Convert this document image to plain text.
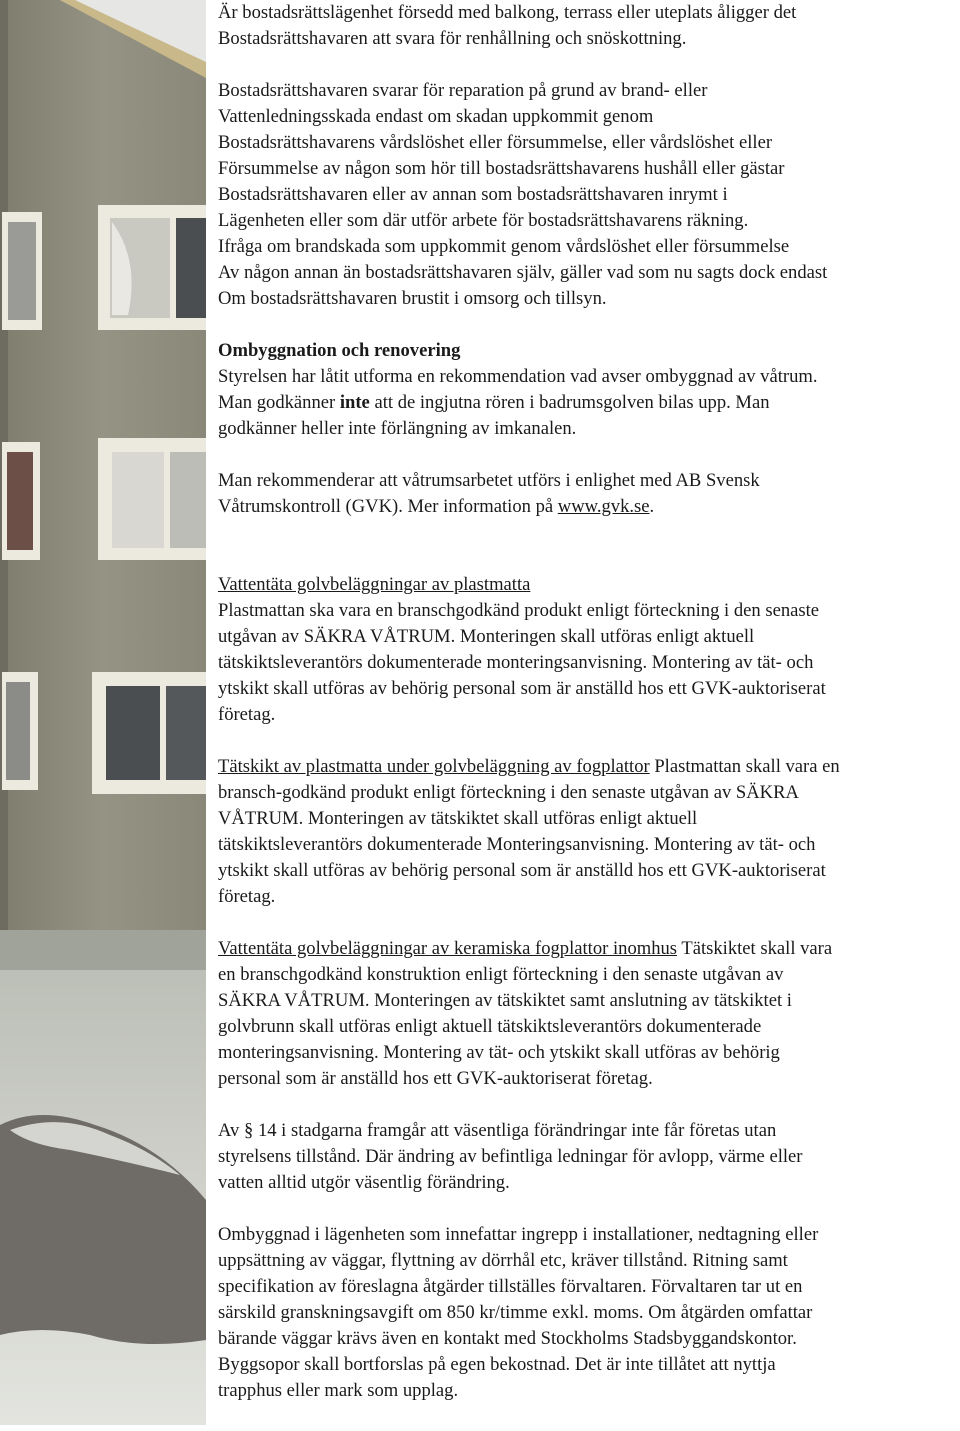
Är bostadsrättslägenhet försedd med balkong, terrass eller uteplats åligger det
Bostadsrättshavaren att svara för renhållning och snöskottning.

Bostadsrättshavaren svarar för reparation på grund av brand- eller
Vattenledningsskada endast om skadan uppkommit genom
Bostadsrättshavarens vårdslöshet eller försummelse, eller vårdslöshet eller
Försummelse av någon som hör till bostadsrättshavarens hushåll eller gästar
Bostadsrättshavaren eller av annan som bostadsrättshavaren inrymt i
Lägenheten eller som där utför arbete för bostadsrättshavarens räkning.
Ifråga om brandskada som uppkommit genom vårdslöshet eller försummelse
Av någon annan än bostadsrättshavaren själv, gäller vad som nu sagts dock endast
Om bostadsrättshavaren brustit i omsorg och tillsyn.

Ombyggnation och renovering

Styrelsen har låtit utforma en rekommendation vad avser ombyggnad av våtrum.
Man godkänner inte att de ingjutna rören i badrumsgolven bilas upp. Man
godkänner heller inte förlängning av imkanalen.

Man rekommenderar att våtrumsarbetet utförs i enlighet med AB Svensk
Våtrumskontroll (GVK). Mer information på www.gvk.se.

Vattentäta golvbeläggningar av plastmatta
Plastmattan ska vara en branschgodkänd produkt enligt förteckning i den senaste
utgåvan av SÄKRA VÅTRUM. Monteringen skall utföras enligt aktuell
tätskiktsleverantörs dokumenterade monteringsanvisning. Montering av tät- och
ytskikt skall utföras av behörig personal som är anställd hos ett GVK-auktoriserat
företag.

Tätskikt av plastmatta under golvbeläggning av fogplattor Plastmattan skall vara en
bransch-godkänd produkt enligt förteckning i den senaste utgåvan av SÄKRA
VÅTRUM. Monteringen av tätskiktet skall utföras enligt aktuell
tätskiktsleverantörs dokumenterade Monteringsanvisning. Montering av tät- och
ytskikt skall utföras av behörig personal som är anställd hos ett GVK-auktoriserat
företag.

Vattentäta golvbeläggningar av keramiska fogplattor inomhus Tätskiktet skall vara
en branschgodkänd konstruktion enligt förteckning i den senaste utgåvan av
SÄKRA VÅTRUM. Monteringen av tätskiktet samt anslutning av tätskiktet i
golvbrunn skall utföras enligt aktuell tätskiktsleverantörs dokumenterade
monteringsanvisning. Montering av tät- och ytskikt skall utföras av behörig
personal som är anställd hos ett GVK-auktoriserat företag.

Av § 14 i stadgarna framgår att väsentliga förändringar inte får företas utan
styrelsens tillstånd. Där ändring av befintliga ledningar för avlopp, värme eller
vatten alltid utgör väsentlig förändring.

Ombyggnad i lägenheten som innefattar ingrepp i installationer, nedtagning eller
uppsättning av väggar, flyttning av dörrhål etc, kräver tillstånd. Ritning samt
specifikation av föreslagna åtgärder tillställes förvaltaren. Förvaltaren tar ut en
särskild granskningsavgift om 850 kr/timme exkl. moms. Om åtgärden omfattar
bärande väggar krävs även en kontakt med Stockholms Stadsbyggandskontor.
Byggsopor skall bortforslas på egen bekostnad. Det är inte tillåtet att nyttja
trapphus eller mark som upplag.
